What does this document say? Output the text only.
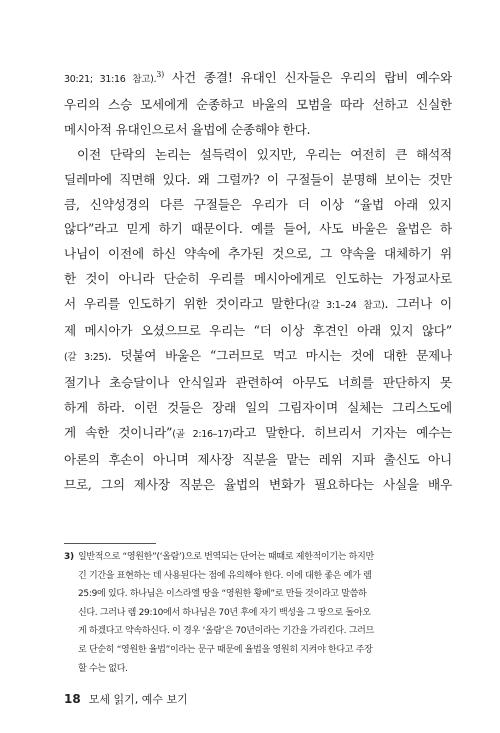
30:21; 31:16 참고).$^{3)}$ 사건 종결! 유대인 신자들은 우리의 랍비 예수와
우리의 스승 모세에게 순종하고 바울의 모범을 따라 선하고 신실한
메시아적 유대인으로서 율법에 순종해야 한다.
이전 단락의 논리는 설득력이 있지만, 우리는 여전히 큰 해석적
딜레마에 직면해 있다. 왜 그럴까? 이 구절들이 분명해 보이는 것만
큼, 신약성경의 다른 구절들은 우리가 더 이상 “율법 아래 있지
않다”라고 믿게 하기 때문이다. 예를 들어, 사도 바울은 율법은 하
나님이 이전에 하신 약속에 추가된 것으로, 그 약속을 대체하기 위
한 것이 아니라 단순히 우리를 메시아에게로 인도하는 가정교사로
서 우리를 인도하기 위한 것이라고 말한다(갈 3:1–24 참고). 그러나 이
제 메시아가 오셨으므로 우리는 “더 이상 후견인 아래 있지 않다”
(갈 3:25). 덧붙여 바울은 “그러므로 먹고 마시는 것에 대한 문제나
절기나 초승달이나 안식일과 관련하여 아무도 너희를 판단하지 못
하게 하라. 이런 것들은 장래 일의 그림자이며 실체는 그리스도에
게 속한 것이니라”(골 2:16–17)라고 말한다. 히브리서 기자는 예수는
아론의 후손이 아니며 제사장 직분을 맡는 레위 지파 출신도 아니
므로, 그의 제사장 직분은 율법의 변화가 필요하다는 사실을 배우
3) 일반적으로 “영원한”(‘올람’)으로 번역되는 단어는 때때로 제한적이기는 하지만
긴 기간을 표현하는 데 사용된다는 점에 유의해야 한다. 이에 대한 좋은 예가 렘
25:9에 있다. 하나님은 이스라엘 땅을 “영원한 황폐”로 만들 것이라고 말씀하
신다. 그러나 렘 29:10에서 하나님은 70년 후에 자기 백성을 그 땅으로 돌아오
게 하겠다고 약속하신다. 이 경우 ‘올람’은 70년이라는 기간을 가리킨다. 그러므
로 단순히 “영원한 율법”이라는 문구 때문에 율법을 영원히 지켜야 한다고 주장
할 수는 없다.
18 모세 읽기, 예수 보기
